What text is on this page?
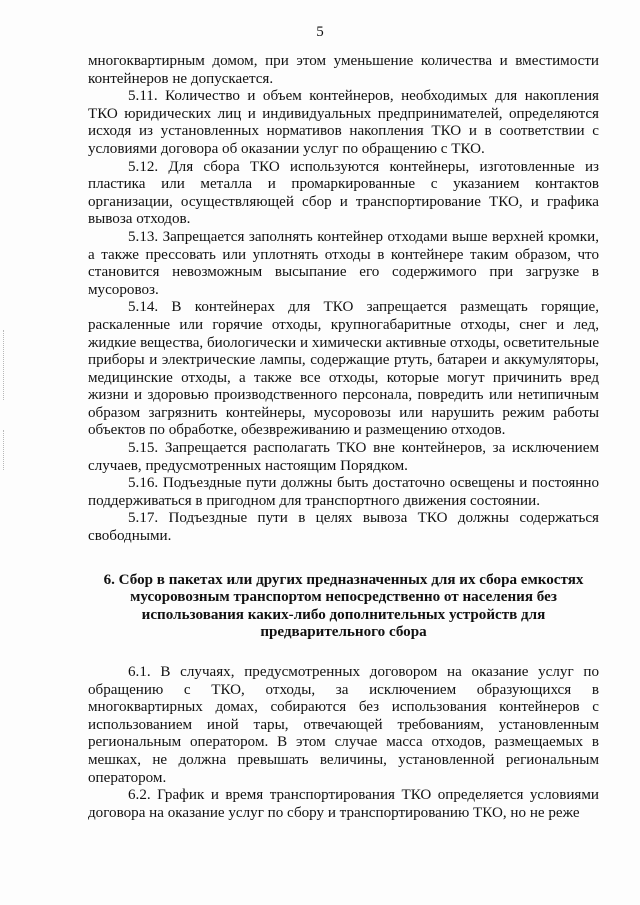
5

многоквартирным домом, при этом уменьшение количества и вместимости контейнеров не допускается.

5.11. Количество и объем контейнеров, необходимых для накопления ТКО юридических лиц и индивидуальных предпринимателей, определяются исходя из установленных нормативов накопления ТКО и в соответствии с условиями договора об оказании услуг по обращению с ТКО.

5.12. Для сбора ТКО используются контейнеры, изготовленные из пластика или металла и промаркированные с указанием контактов организации, осуществляющей сбор и транспортирование ТКО, и графика вывоза отходов.

5.13. Запрещается заполнять контейнер отходами выше верхней кромки, а также прессовать или уплотнять отходы в контейнере таким образом, что становится невозможным высыпание его содержимого при загрузке в мусоровоз.

5.14. В контейнерах для ТКО запрещается размещать горящие, раскаленные или горячие отходы, крупногабаритные отходы, снег и лед, жидкие вещества, биологически и химически активные отходы, осветительные приборы и электрические лампы, содержащие ртуть, батареи и аккумуляторы, медицинские отходы, а также все отходы, которые могут причинить вред жизни и здоровью производственного персонала, повредить или нетипичным образом загрязнить контейнеры, мусоровозы или нарушить режим работы объектов по обработке, обезвреживанию и размещению отходов.

5.15. Запрещается располагать ТКО вне контейнеров, за исключением случаев, предусмотренных настоящим Порядком.

5.16. Подъездные пути должны быть достаточно освещены и постоянно поддерживаться в пригодном для транспортного движения состоянии.

5.17. Подъездные пути в целях вывоза ТКО должны содержаться свободными.

6. Сбор в пакетах или других предназначенных для их сбора емкостях
мусоровозным транспортом непосредственно от населения без
использования каких-либо дополнительных устройств для
предварительного сбора

6.1. В случаях, предусмотренных договором на оказание услуг по обращению с ТКО, отходы, за исключением образующихся в многоквартирных домах, собираются без использования контейнеров с использованием иной тары, отвечающей требованиям, установленным региональным оператором. В этом случае масса отходов, размещаемых в мешках, не должна превышать величины, установленной региональным оператором.

6.2. График и время транспортирования ТКО определяется условиями договора на оказание услуг по сбору и транспортированию ТКО, но не реже
